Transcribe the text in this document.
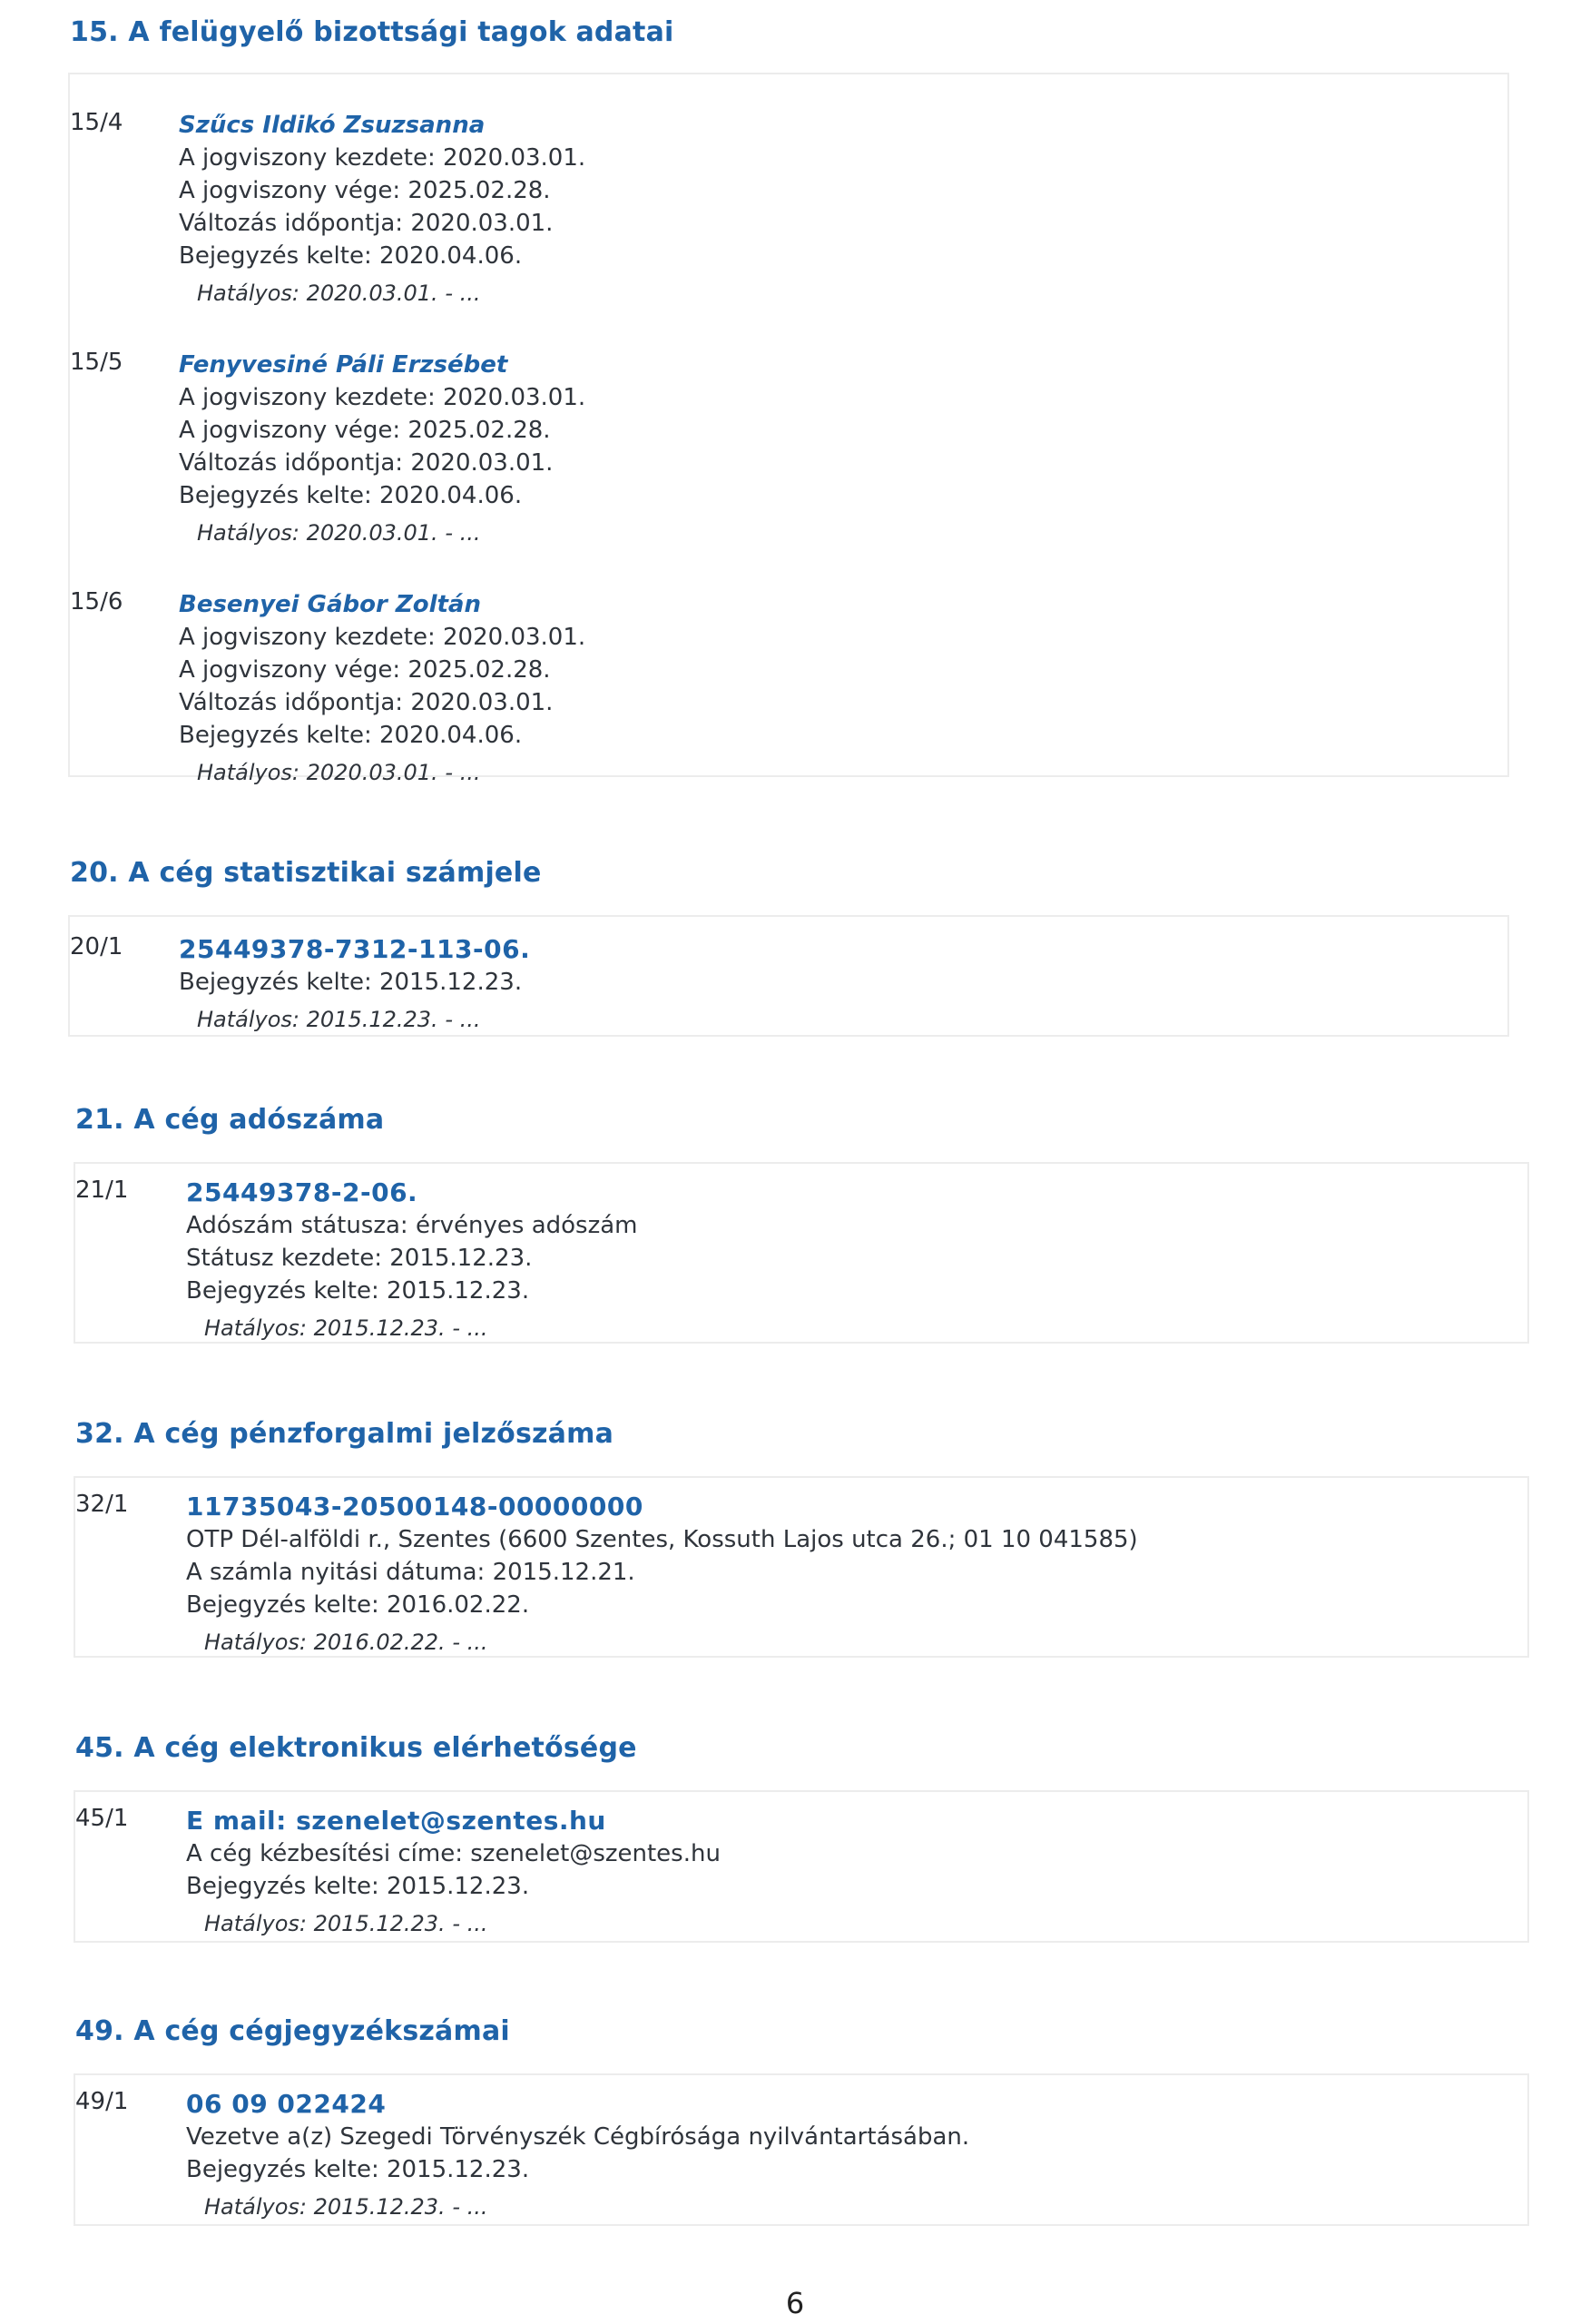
15. A felügyelő bizottsági tagok adatai
15/4 Szűcs Ildikó Zsuzsanna
A jogviszony kezdete: 2020.03.01.
A jogviszony vége: 2025.02.28.
Változás időpontja: 2020.03.01.
Bejegyzés kelte: 2020.04.06.
Hatályos: 2020.03.01. - ...
15/5 Fenyvesiné Páli Erzsébet
A jogviszony kezdete: 2020.03.01.
A jogviszony vége: 2025.02.28.
Változás időpontja: 2020.03.01.
Bejegyzés kelte: 2020.04.06.
Hatályos: 2020.03.01. - ...
15/6 Besenyei Gábor Zoltán
A jogviszony kezdete: 2020.03.01.
A jogviszony vége: 2025.02.28.
Változás időpontja: 2020.03.01.
Bejegyzés kelte: 2020.04.06.
Hatályos: 2020.03.01. - ...
20. A cég statisztikai számjele
20/1 25449378-7312-113-06.
Bejegyzés kelte: 2015.12.23.
Hatályos: 2015.12.23. - ...
21. A cég adószáma
21/1 25449378-2-06.
Adószám státusza: érvényes adószám
Státusz kezdete: 2015.12.23.
Bejegyzés kelte: 2015.12.23.
Hatályos: 2015.12.23. - ...
32. A cég pénzforgalmi jelzőszáma
32/1 11735043-20500148-00000000
OTP Dél-alföldi r., Szentes (6600 Szentes, Kossuth Lajos utca 26.; 01 10 041585)
A számla nyitási dátuma: 2015.12.21.
Bejegyzés kelte: 2016.02.22.
Hatályos: 2016.02.22. - ...
45. A cég elektronikus elérhetősége
45/1 E mail: szenelet@szentes.hu
A cég kézbesítési címe: szenelet@szentes.hu
Bejegyzés kelte: 2015.12.23.
Hatályos: 2015.12.23. - ...
49. A cég cégjegyzékszámai
49/1 06 09 022424
Vezetve a(z) Szegedi Törvényszék Cégbírósága nyilvántartásában.
Bejegyzés kelte: 2015.12.23.
Hatályos: 2015.12.23. - ...
6
